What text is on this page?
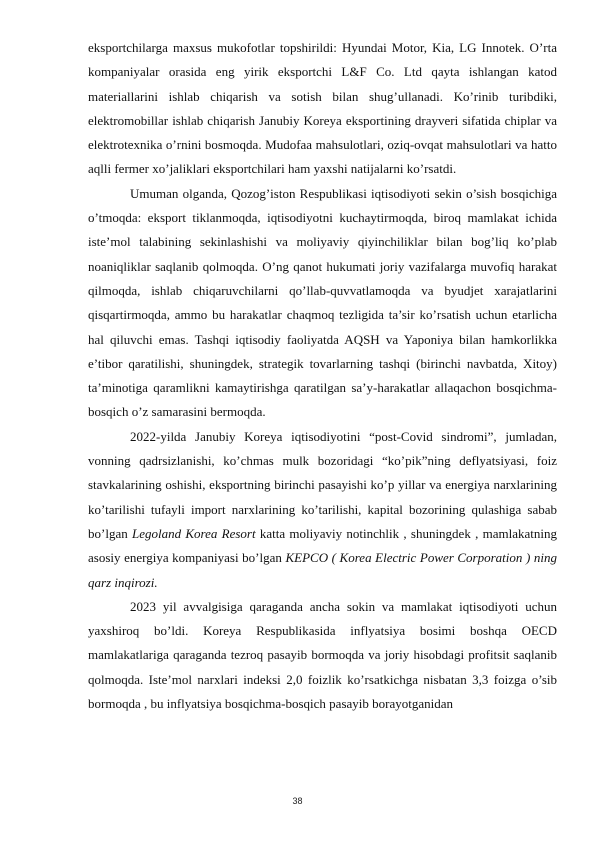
eksportchilarga maxsus mukofotlar topshirildi: Hyundai Motor, Kia, LG Innotek. O’rta kompaniyalar orasida eng yirik eksportchi L&F Co. Ltd qayta ishlangan katod materiallarini ishlab chiqarish va sotish bilan shug’ullanadi. Ko’rinib turibdiki, elektromobillar ishlab chiqarish Janubiy Koreya eksportining drayveri sifatida chiplar va elektrotexnika o’rnini bosmoqda. Mudofaa mahsulotlari, oziq-ovqat mahsulotlari va hatto aqlli fermer xo’jaliklari eksportchilari ham yaxshi natijalarni ko’rsatdi.

Umuman olganda, Qozog’iston Respublikasi iqtisodiyoti sekin o’sish bosqichiga o’tmoqda: eksport tiklanmoqda, iqtisodiyotni kuchaytirmoqda, biroq mamlakat ichida iste’mol talabining sekinlashishi va moliyaviy qiyinchiliklar bilan bog’liq ko’plab noaniqliklar saqlanib qolmoqda. O’ng qanot hukumati joriy vazifalarga muvofiq harakat qilmoqda, ishlab chiqaruvchilarni qo’llab-quvvatlamoqda va byudjet xarajatlarini qisqartirmoqda, ammo bu harakatlar chaqmoq tezligida ta’sir ko’rsatish uchun etarlicha hal qiluvchi emas. Tashqi iqtisodiy faoliyatda AQSH va Yaponiya bilan hamkorlikka e’tibor qaratilishi, shuningdek, strategik tovarlarning tashqi (birinchi navbatda, Xitoy) ta’minotiga qaramlikni kamaytirishga qaratilgan sa’y-harakatlar allaqachon bosqichma-bosqich o’z samarasini bermoqda.

2022-yilda Janubiy Koreya iqtisodiyotini “post-Covid sindromi”, jumladan, vonning qadrsizlanishi, ko’chmas mulk bozoridagi “ko’pik”ning deflyatsiyasi, foiz stavkalarining oshishi, eksportning birinchi pasayishi ko’p yillar va energiya narxlarining ko’tarilishi tufayli import narxlarining ko’tarilishi, kapital bozorining qulashiga sabab bo’lgan Legoland Korea Resort katta moliyaviy notinchlik , shuningdek , mamlakatning asosiy energiya kompaniyasi bo’lgan KEPCO ( Korea Electric Power Corporation ) ning qarz inqirozi.

2023 yil avvalgisiga qaraganda ancha sokin va mamlakat iqtisodiyoti uchun yaxshiroq bo’ldi. Koreya Respublikasida inflyatsiya bosimi boshqa OECD mamlakatlariga qaraganda tezroq pasayib bormoqda va joriy hisobdagi profitsit saqlanib qolmoqda. Iste’mol narxlari indeksi 2,0 foizlik ko’rsatkichga nisbatan 3,3 foizga o’sib bormoqda , bu inflyatsiya bosqichma-bosqich pasayib borayotganidan

38
